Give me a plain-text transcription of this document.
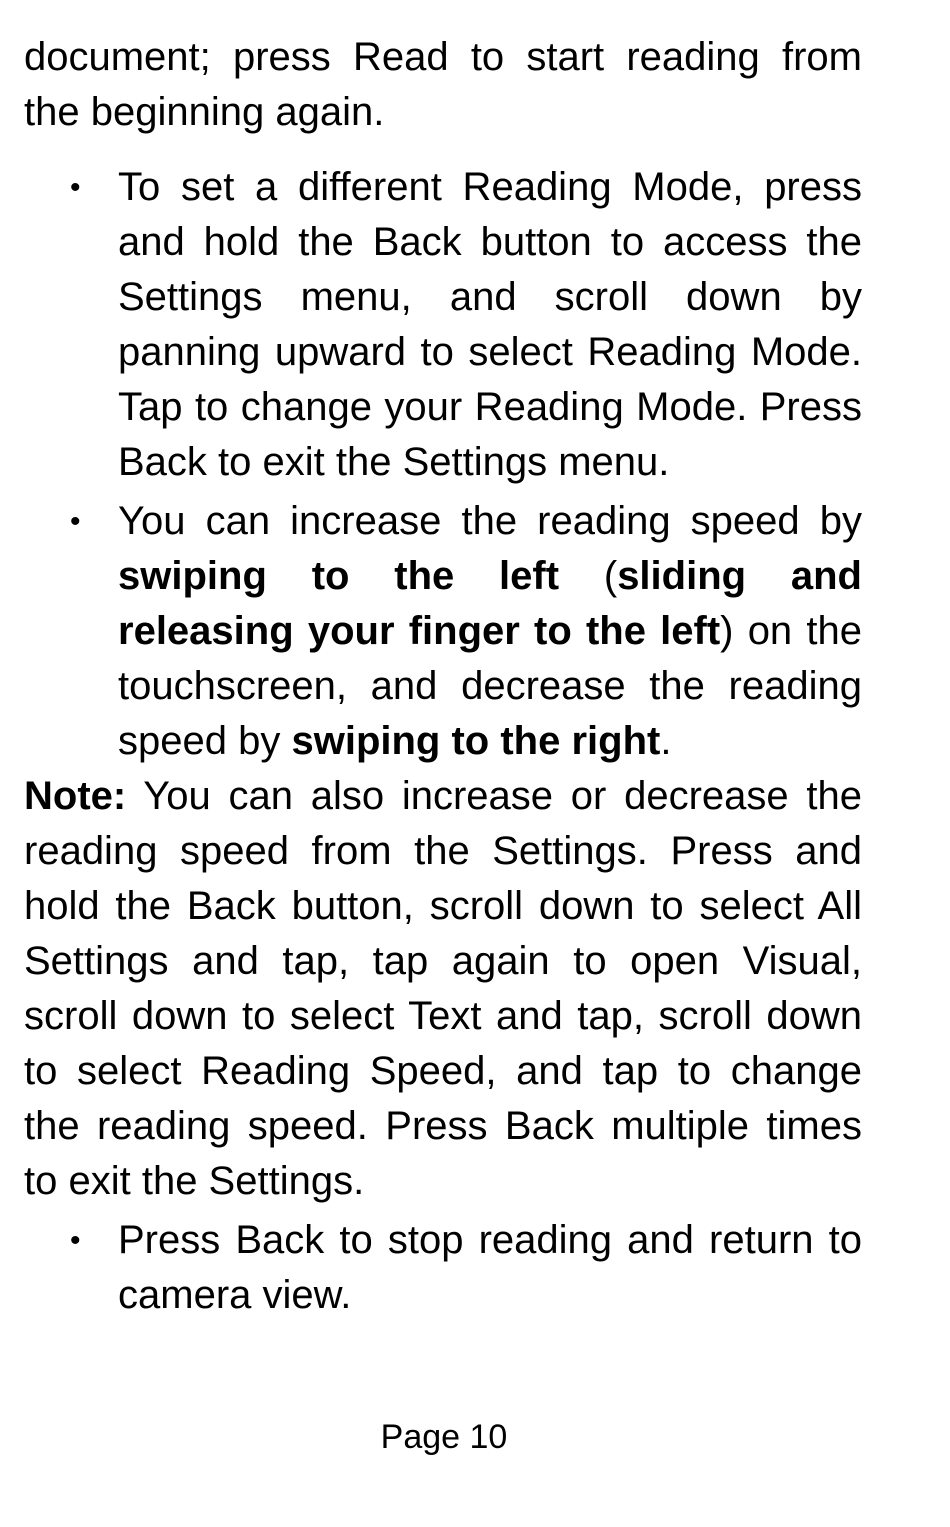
document; press Read to start reading from the beginning again.

• To set a different Reading Mode, press and hold the Back button to access the Settings menu, and scroll down by panning upward to select Reading Mode. Tap to change your Reading Mode. Press Back to exit the Settings menu.
• You can increase the reading speed by swiping to the left (sliding and releasing your finger to the left) on the touchscreen, and decrease the reading speed by swiping to the right.

Note: You can also increase or decrease the reading speed from the Settings. Press and hold the Back button, scroll down to select All Settings and tap, tap again to open Visual, scroll down to select Text and tap, scroll down to select Reading Speed, and tap to change the reading speed. Press Back multiple times to exit the Settings.

• Press Back to stop reading and return to camera view.
Page 10
